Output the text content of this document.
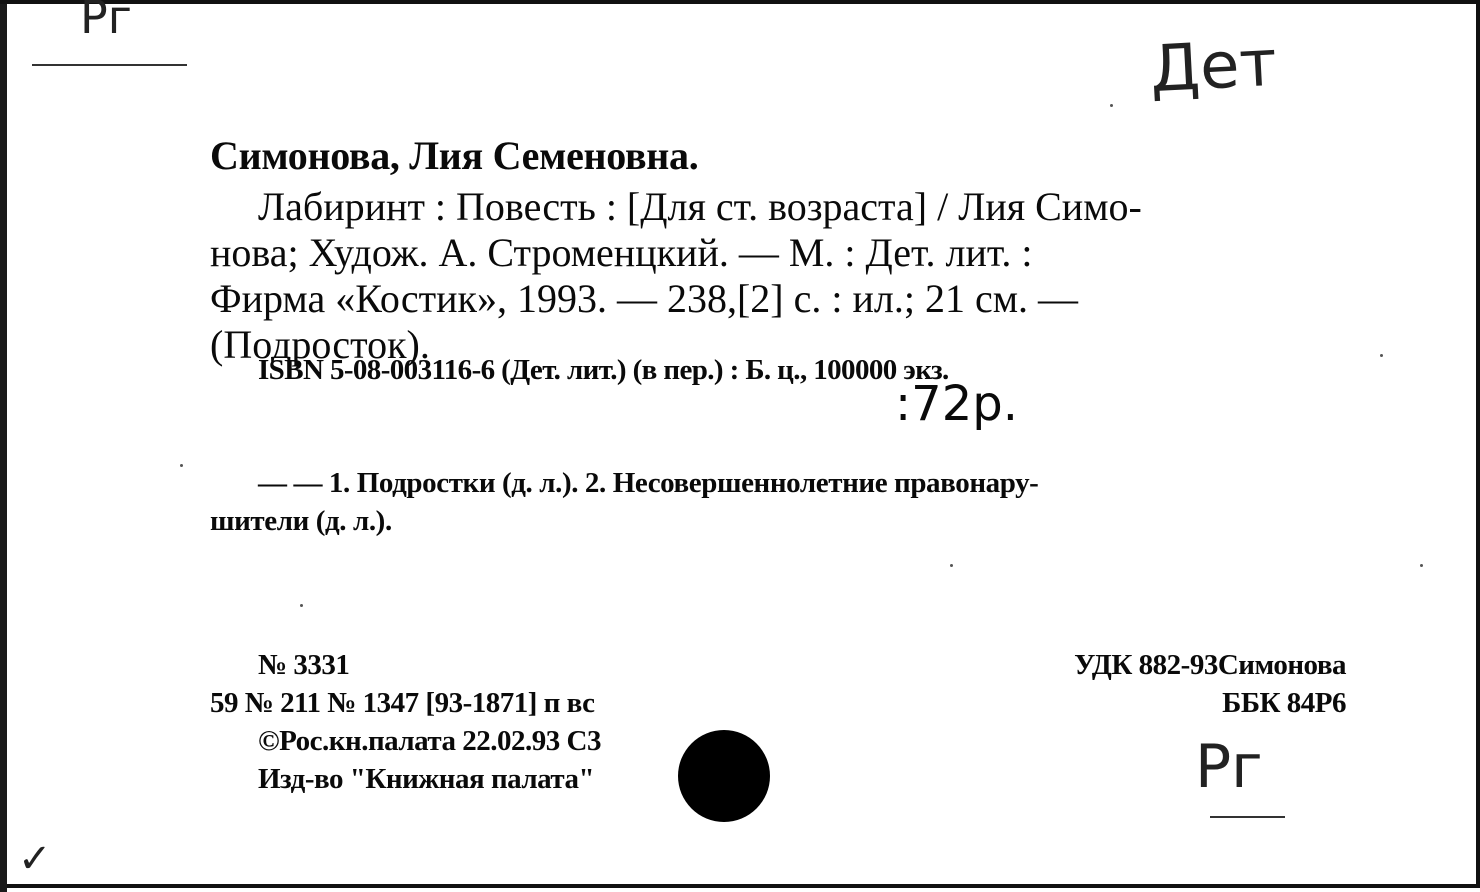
Рг
Дет
Симонова, Лия Семеновна.
Лабиринт : Повесть : [Для ст. возраста] / Лия Симо-
нова; Худож. А. Строменцкий. — М. : Дет. лит. :
Фирма «Костик», 1993. — 238,[2] с. : ил.; 21 см. —
(Подросток).
ISBN 5-08-003116-6 (Дет. лит.) (в пер.) : Б. ц., 100000 экз.
:72р.
— — 1. Подростки (д. л.). 2. Несовершеннолетние правонару-
шители (д. л.).
№ 3331
59 № 211 № 1347 [93-1871] п вс
©Рос.кн.палата 22.02.93 С3
Изд-во "Книжная палата"
УДК 882-93Симонова
ББК 84Р6
Рг
✓
